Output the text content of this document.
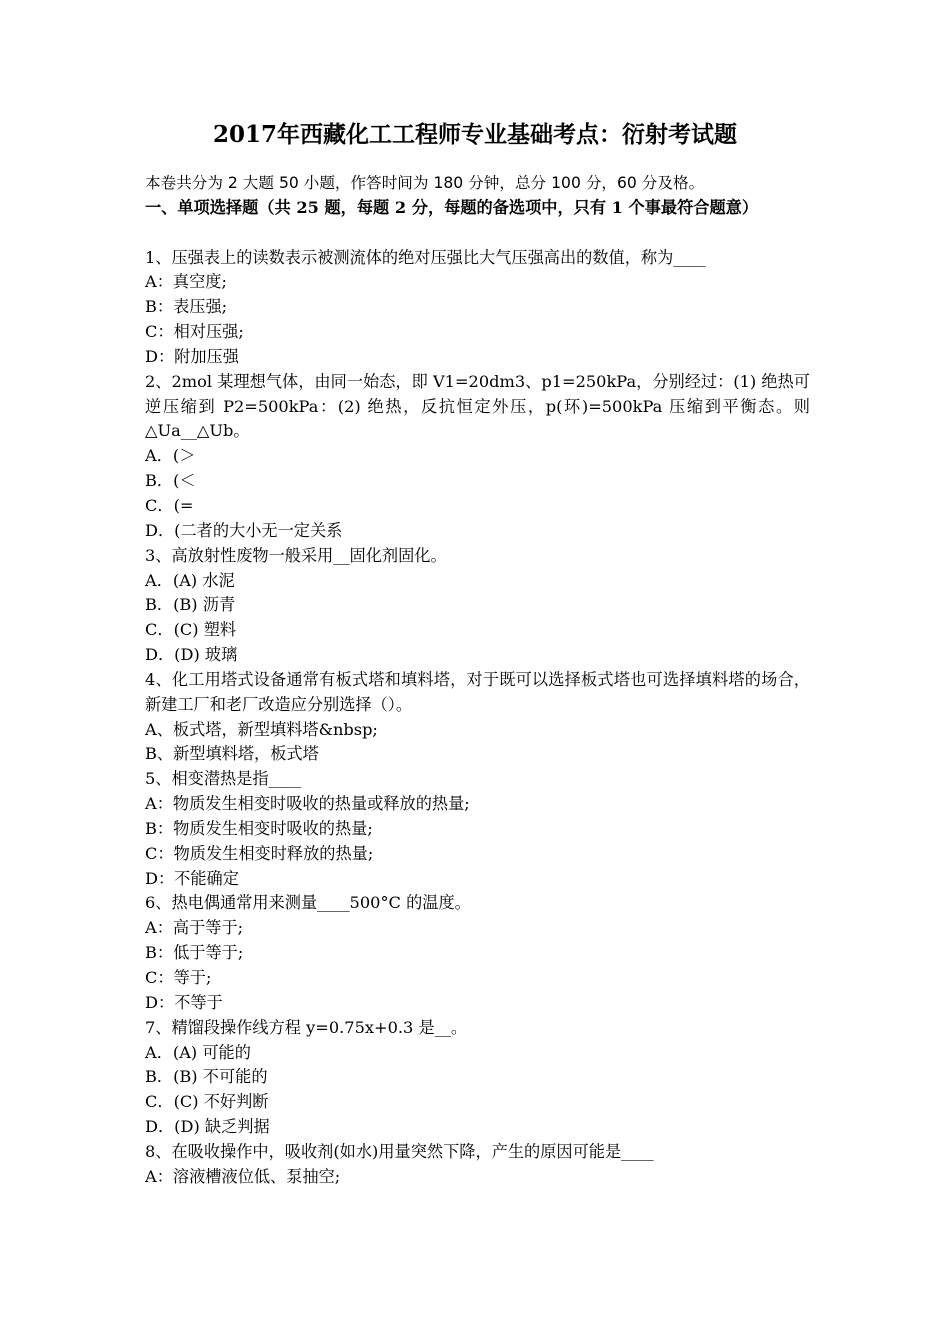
2017年西藏化工工程师专业基础考点：衍射考试题
本卷共分为 2 大题 50 小题，作答时间为 180 分钟，总分 100 分，60 分及格。
一、单项选择题（共 25 题，每题 2 分，每题的备选项中，只有 1 个事最符合题意）
1、压强表上的读数表示被测流体的绝对压强比大气压强高出的数值，称为____
A：真空度;
B：表压强;
C：相对压强;
D：附加压强
2、2mol 某理想气体，由同一始态，即 V1=20dm3、p1=250kPa，分别经过：(1) 绝热可逆压缩到 P2=500kPa：(2) 绝热，反抗恒定外压，p(环)=500kPa 压缩到平衡态。则△Ua__△Ub。
A．(＞
B．(＜
C．(=
D．(二者的大小无一定关系
3、高放射性废物一般采用__固化剂固化。
A．(A) 水泥
B．(B) 沥青
C．(C) 塑料
D．(D) 玻璃
4、化工用塔式设备通常有板式塔和填料塔，对于既可以选择板式塔也可选择填料塔的场合，新建工厂和老厂改造应分别选择（）。
A、板式塔，新型填料塔&nbsp;
B、新型填料塔，板式塔
5、相变潜热是指____
A：物质发生相变时吸收的热量或释放的热量;
B：物质发生相变时吸收的热量;
C：物质发生相变时释放的热量;
D：不能确定
6、热电偶通常用来测量____500°C 的温度。
A：高于等于;
B：低于等于;
C：等于;
D：不等于
7、精馏段操作线方程 y=0.75x+0.3 是__。
A．(A) 可能的
B．(B) 不可能的
C．(C) 不好判断
D．(D) 缺乏判据
8、在吸收操作中，吸收剂(如水)用量突然下降，产生的原因可能是____
A：溶液槽液位低、泵抽空;
